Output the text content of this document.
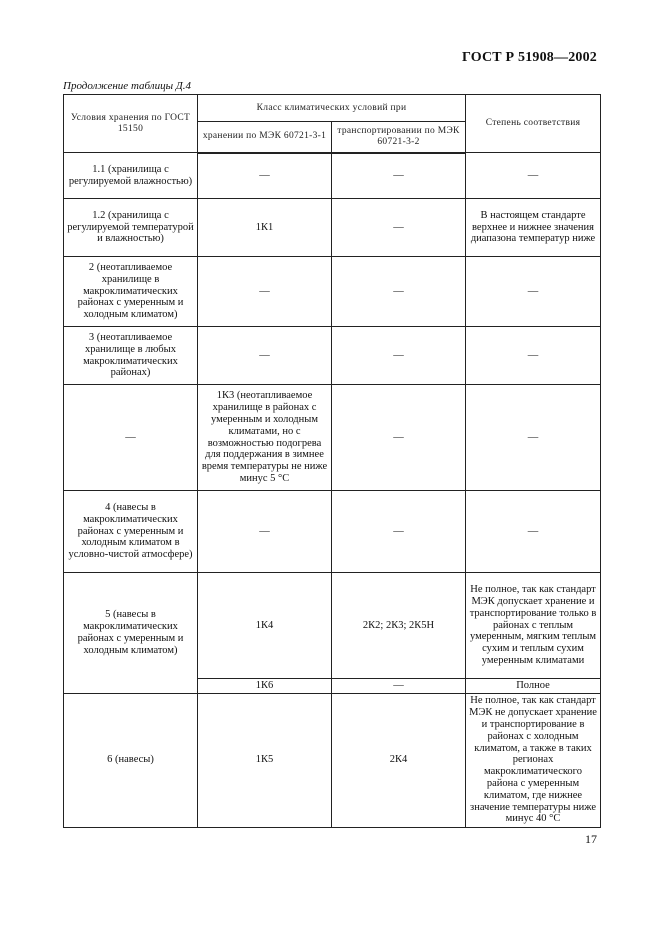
ГОСТ Р 51908—2002
Продолжение таблицы Д.4
Условия хранения по ГОСТ 15150	Класс климатических условий при		Степень соответствия
	хранении по МЭК 60721-3-1	транспортировании по МЭК 60721-3-2	
1.1 (хранилища с регулируемой влажностью)	—	—	—
1.2 (хранилища с регулируемой температурой и влажностью)	1К1	—	В настоящем стандарте верхнее и нижнее значения диапазона температур ниже
2 (неотапливаемое хранилище в макроклиматических районах с умеренным и холодным климатом)	—	—	—
3 (неотапливаемое хранилище в любых макроклиматических районах)	—	—	—
—	1К3 (неотапливаемое хранилище в районах с умеренным и холодным климатами, но с возможностью подогрева для поддержания в зимнее время температуры не ниже минус 5 °С	—	—
4 (навесы в макроклиматических районах с умеренным и холодным климатом в условно-чистой атмосфере)	—	—	—
5 (навесы в макроклиматических районах с умеренным и холодным климатом)	1К4	2К2; 2К3; 2К5Н	Не полное, так как стандарт МЭК допускает хранение и транспортирование только в районах с теплым умеренным, мягким теплым сухим и теплым сухим умеренным климатами
	1К6	—	Полное
6 (навесы)	1К5	2К4	Не полное, так как стандарт МЭК не допускает хранение и транспортирование в районах с холодным климатом, а также в таких регионах макроклиматического района с умеренным климатом, где нижнее значение температуры ниже минус 40 °С
17
